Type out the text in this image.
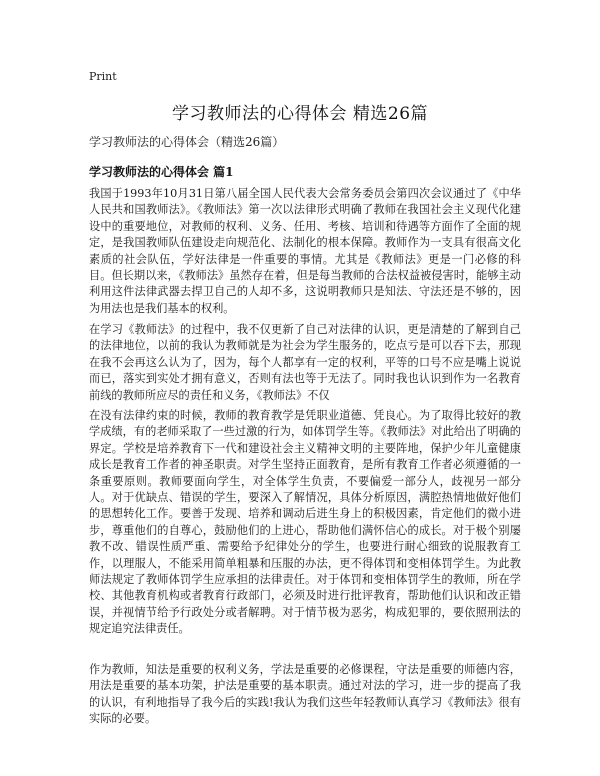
Print
学习教师法的心得体会 精选26篇
学习教师法的心得体会（精选26篇）
学习教师法的心得体会 篇1

我国于1993年10月31日第八届全国人民代表大会常务委员会第四次会议通过了《中华人民共和国教师法》。《教师法》第一次以法律形式明确了教师在我国社会主义现代化建设中的重要地位，对教师的权利、义务、任用、考核、培训和待遇等方面作了全面的规定，是我国教师队伍建设走向规范化、法制化的根本保障。教师作为一支具有很高文化素质的社会队伍，学好法律是一件重要的事情。尤其是《教师法》更是一门必修的科目。但长期以来，《教师法》虽然存在着，但是每当教师的合法权益被侵害时，能够主动利用这件法律武器去捍卫自己的人却不多，这说明教师只是知法、守法还是不够的，因为用法也是我们基本的权利。

在学习《教师法》的过程中，我不仅更新了自己对法律的认识，更是清楚的了解到自己的法律地位，以前的我认为教师就是为社会为学生服务的，吃点亏是可以吞下去，那现在我不会再这么认为了，因为，每个人都享有一定的权利，平等的口号不应是嘴上说说而已，落实到实处才拥有意义，否则有法也等于无法了。同时我也认识到作为一名教育前线的教师所应尽的责任和义务，《教师法》不仅

在没有法律约束的时候，教师的教育教学是凭职业道德、凭良心。为了取得比较好的教学成绩，有的老师采取了一些过激的行为，如体罚学生等。《教师法》对此给出了明确的界定。学校是培养教育下一代和建设社会主义精神文明的主要阵地，保护少年儿童健康成长是教育工作者的神圣职责。对学生坚持正面教育，是所有教育工作者必须遵循的一条重要原则。教师要面向学生，对全体学生负责，不要偏爱一部分人，歧视另一部分人。对于优缺点、错误的学生，要深入了解情况，具体分析原因，满腔热情地做好他们的思想转化工作。要善于发现、培养和调动后进生身上的积极因素，肯定他们的微小进步，尊重他们的自尊心，鼓励他们的上进心，帮助他们满怀信心的成长。对于极个别屡教不改、错误性质严重、需要给予纪律处分的学生，也要进行耐心细致的说服教育工作，以理服人，不能采用简单粗暴和压服的办法，更不得体罚和变相体罚学生。为此教师法规定了教师体罚学生应承担的法律责任。对于体罚和变相体罚学生的教师，所在学校、其他教育机构或者教育行政部门，必须及时进行批评教育，帮助他们认识和改正错误，并视情节给予行政处分或者解聘。对于情节极为恶劣，构成犯罪的，要依照刑法的规定追究法律责任。

作为教师，知法是重要的权利义务，学法是重要的必修课程，守法是重要的师德内容，用法是重要的基本功架，护法是重要的基本职责。通过对法的学习，进一步的提高了我的认识，有利地指导了我今后的实践!我认为我们这些年轻教师认真学习《教师法》很有实际的必要。
